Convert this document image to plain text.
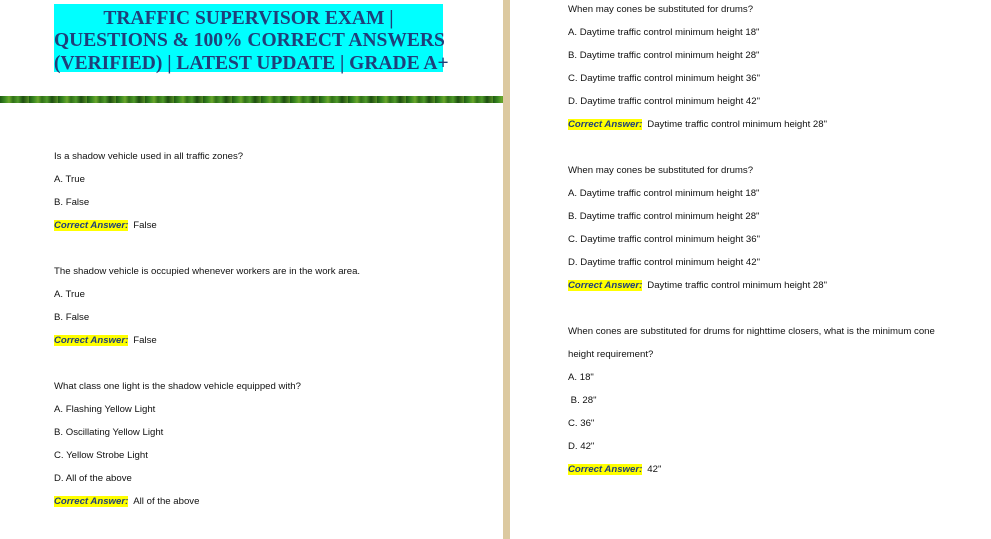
TRAFFIC SUPERVISOR EXAM |
QUESTIONS & 100% CORRECT ANSWERS
(VERIFIED) | LATEST UPDATE | GRADE A+
Is a shadow vehicle used in all traffic zones?
A. True
B. False
Correct Answer: False
The shadow vehicle is occupied whenever workers are in the work area.
A. True
B. False
Correct Answer: False
What class one light is the shadow vehicle equipped with?
A. Flashing Yellow Light
B. Oscillating Yellow Light
C. Yellow Strobe Light
D. All of the above
Correct Answer: All of the above
When may cones be substituted for drums?
A. Daytime traffic control minimum height 18"
B. Daytime traffic control minimum height 28"
C. Daytime traffic control minimum height 36"
D. Daytime traffic control minimum height 42"
Correct Answer: Daytime traffic control minimum height 28"
When may cones be substituted for drums?
A. Daytime traffic control minimum height 18"
B. Daytime traffic control minimum height 28"
C. Daytime traffic control minimum height 36"
D. Daytime traffic control minimum height 42"
Correct Answer: Daytime traffic control minimum height 28"
When cones are substituted for drums for nighttime closers, what is the minimum cone
height requirement?
A. 18"
B. 28"
C. 36"
D. 42"
Correct Answer: 42"
